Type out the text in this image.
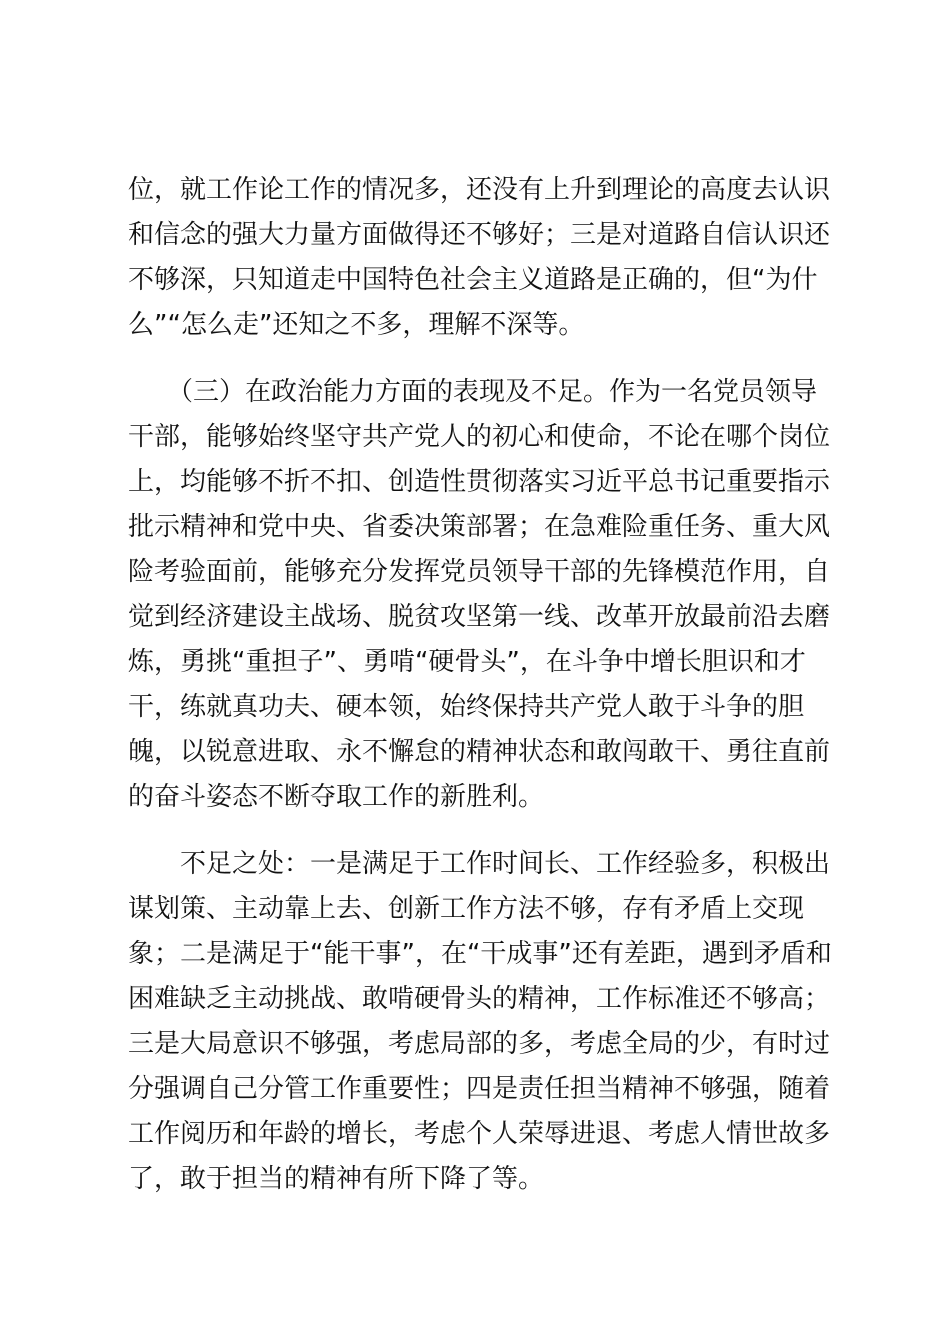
位，就工作论工作的情况多，还没有上升到理论的高度去认识
和信念的强大力量方面做得还不够好；三是对道路自信认识还
不够深，只知道走中国特色社会主义道路是正确的，但“为什
么”“怎么走”还知之不多，理解不深等。
　　（三）在政治能力方面的表现及不足。作为一名党员领导
干部，能够始终坚守共产党人的初心和使命，不论在哪个岗位
上，均能够不折不扣、创造性贯彻落实习近平总书记重要指示
批示精神和党中央、省委决策部署；在急难险重任务、重大风
险考验面前，能够充分发挥党员领导干部的先锋模范作用，自
觉到经济建设主战场、脱贫攻坚第一线、改革开放最前沿去磨
炼，勇挑“重担子”、勇啃“硬骨头”，在斗争中增长胆识和才
干，练就真功夫、硬本领，始终保持共产党人敢于斗争的胆
魄，以锐意进取、永不懈怠的精神状态和敢闯敢干、勇往直前
的奋斗姿态不断夺取工作的新胜利。
　　不足之处：一是满足于工作时间长、工作经验多，积极出
谋划策、主动靠上去、创新工作方法不够，存有矛盾上交现
象；二是满足于“能干事”，在“干成事”还有差距，遇到矛盾和
困难缺乏主动挑战、敢啃硬骨头的精神，工作标准还不够高；
三是大局意识不够强，考虑局部的多，考虑全局的少，有时过
分强调自己分管工作重要性；四是责任担当精神不够强，随着
工作阅历和年龄的增长，考虑个人荣辱进退、考虑人情世故多
了，敢于担当的精神有所下降了等。
